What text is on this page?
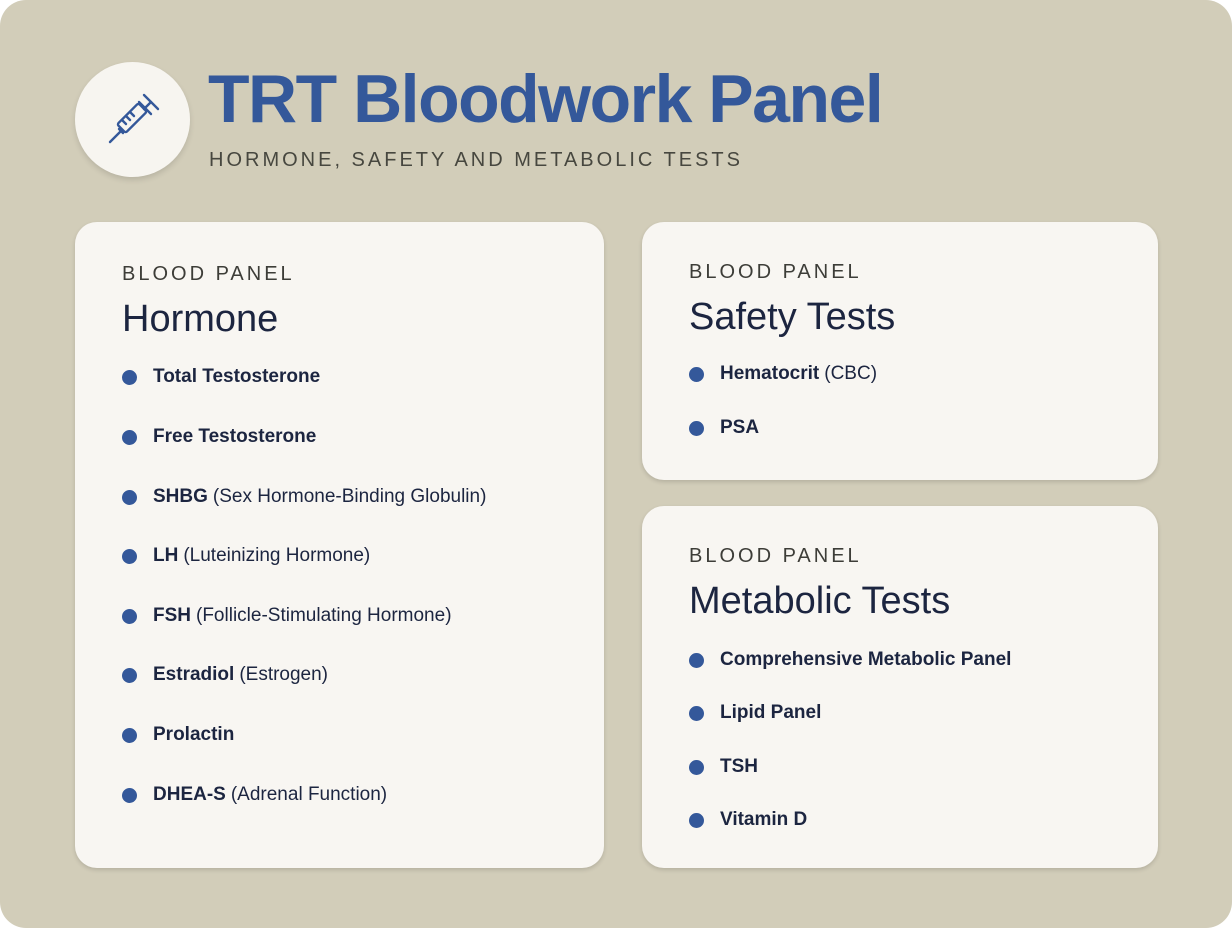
TRT Bloodwork Panel

HORMONE, SAFETY AND METABOLIC TESTS

BLOOD PANEL
Hormone
Total Testosterone
Free Testosterone
SHBG (Sex Hormone-Binding Globulin)
LH (Luteinizing Hormone)
FSH (Follicle-Stimulating Hormone)
Estradiol (Estrogen)
Prolactin
DHEA-S (Adrenal Function)
BLOOD PANEL
Safety Tests
Hematocrit (CBC)
PSA
BLOOD PANEL
Metabolic Tests
Comprehensive Metabolic Panel
Lipid Panel
TSH
Vitamin D
